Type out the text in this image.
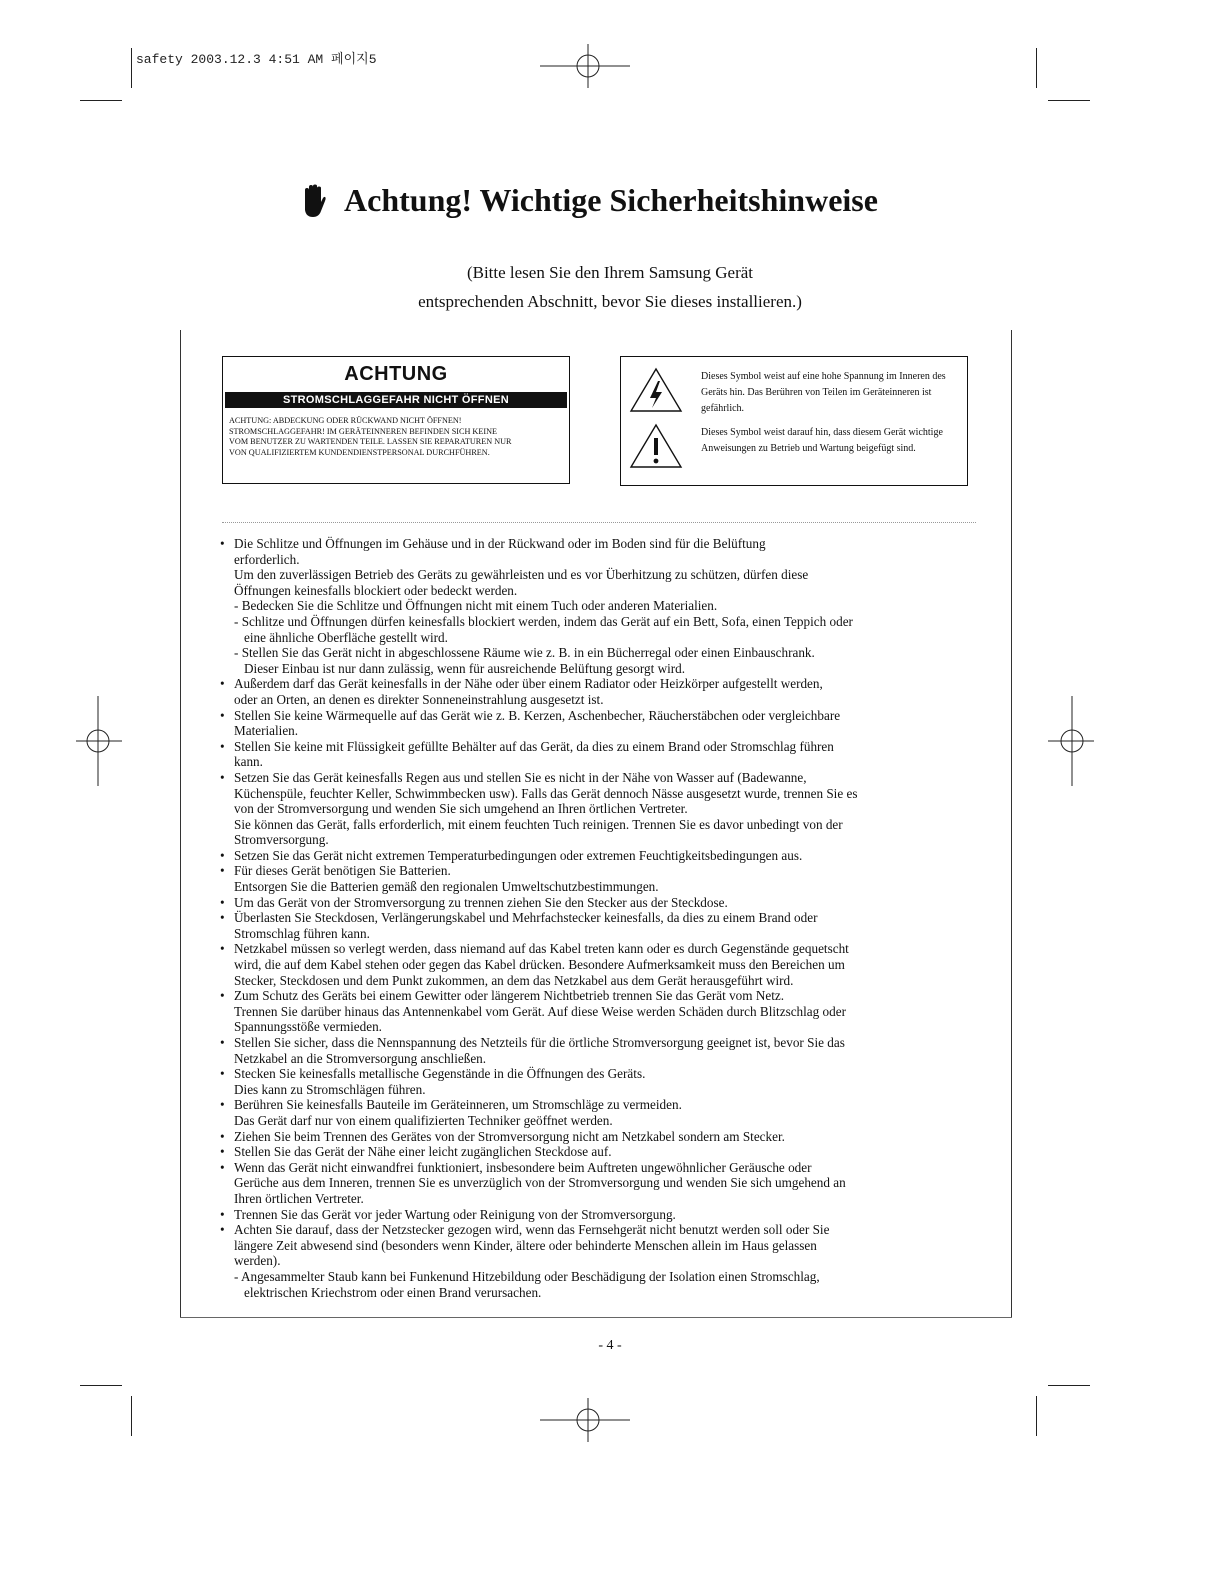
safety 2003.12.3 4:51 AM 페이지5
Achtung! Wichtige Sicherheitshinweise
(Bitte lesen Sie den Ihrem Samsung Gerät
entsprechenden Abschnitt, bevor Sie dieses installieren.)
ACHTUNG
STROMSCHLAGGEFAHR NICHT ÖFFNEN
ACHTUNG: ABDECKUNG ODER RÜCKWAND NICHT ÖFFNEN!
STROMSCHLAGGEFAHR! IM GERÄTEINNEREN BEFINDEN SICH KEINE
VOM BENUTZER ZU WARTENDEN TEILE. LASSEN SIE REPARATUREN NUR
VON QUALIFIZIERTEM KUNDENDIENSTPERSONAL DURCHFÜHREN.
Dieses Symbol weist auf eine hohe Spannung im Inneren des Geräts hin. Das Berühren von Teilen im Geräteinneren ist gefährlich.
Dieses Symbol weist darauf hin, dass diesem Gerät wichtige Anweisungen zu Betrieb und Wartung beigefügt sind.
• Die Schlitze und Öffnungen im Gehäuse und in der Rückwand oder im Boden sind für die Belüftung
erforderlich.
Um den zuverlässigen Betrieb des Geräts zu gewährleisten und es vor Überhitzung zu schützen, dürfen diese
Öffnungen keinesfalls blockiert oder bedeckt werden.
- Bedecken Sie die Schlitze und Öffnungen nicht mit einem Tuch oder anderen Materialien.
- Schlitze und Öffnungen dürfen keinesfalls blockiert werden, indem das Gerät auf ein Bett, Sofa, einen Teppich oder
eine ähnliche Oberfläche gestellt wird.
- Stellen Sie das Gerät nicht in abgeschlossene Räume wie z. B. in ein Bücherregal oder einen Einbauschrank.
Dieser Einbau ist nur dann zulässig, wenn für ausreichende Belüftung gesorgt wird.
• Außerdem darf das Gerät keinesfalls in der Nähe oder über einem Radiator oder Heizkörper aufgestellt werden,
oder an Orten, an denen es direkter Sonneneinstrahlung ausgesetzt ist.
• Stellen Sie keine Wärmequelle auf das Gerät wie z. B. Kerzen, Aschenbecher, Räucherstäbchen oder vergleichbare
Materialien.
• Stellen Sie keine mit Flüssigkeit gefüllte Behälter auf das Gerät, da dies zu einem Brand oder Stromschlag führen
kann.
• Setzen Sie das Gerät keinesfalls Regen aus und stellen Sie es nicht in der Nähe von Wasser auf (Badewanne,
Küchenspüle, feuchter Keller, Schwimmbecken usw). Falls das Gerät dennoch Nässe ausgesetzt wurde, trennen Sie es
von der Stromversorgung und wenden Sie sich umgehend an Ihren örtlichen Vertreter.
Sie können das Gerät, falls erforderlich, mit einem feuchten Tuch reinigen. Trennen Sie es davor unbedingt von der
Stromversorgung.
• Setzen Sie das Gerät nicht extremen Temperaturbedingungen oder extremen Feuchtigkeitsbedingungen aus.
• Für dieses Gerät benötigen Sie Batterien.
Entsorgen Sie die Batterien gemäß den regionalen Umweltschutzbestimmungen.
• Um das Gerät von der Stromversorgung zu trennen ziehen Sie den Stecker aus der Steckdose.
• Überlasten Sie Steckdosen, Verlängerungskabel und Mehrfachstecker keinesfalls, da dies zu einem Brand oder
Stromschlag führen kann.
• Netzkabel müssen so verlegt werden, dass niemand auf das Kabel treten kann oder es durch Gegenstände gequetscht
wird, die auf dem Kabel stehen oder gegen das Kabel drücken. Besondere Aufmerksamkeit muss den Bereichen um
Stecker, Steckdosen und dem Punkt zukommen, an dem das Netzkabel aus dem Gerät herausgeführt wird.
• Zum Schutz des Geräts bei einem Gewitter oder längerem Nichtbetrieb trennen Sie das Gerät vom Netz.
Trennen Sie darüber hinaus das Antennenkabel vom Gerät. Auf diese Weise werden Schäden durch Blitzschlag oder
Spannungsstöße vermieden.
• Stellen Sie sicher, dass die Nennspannung des Netzteils für die örtliche Stromversorgung geeignet ist, bevor Sie das
Netzkabel an die Stromversorgung anschließen.
• Stecken Sie keinesfalls metallische Gegenstände in die Öffnungen des Geräts.
Dies kann zu Stromschlägen führen.
• Berühren Sie keinesfalls Bauteile im Geräteinneren, um Stromschläge zu vermeiden.
Das Gerät darf nur von einem qualifizierten Techniker geöffnet werden.
• Ziehen Sie beim Trennen des Gerätes von der Stromversorgung nicht am Netzkabel sondern am Stecker.
• Stellen Sie das Gerät der Nähe einer leicht zugänglichen Steckdose auf.
• Wenn das Gerät nicht einwandfrei funktioniert, insbesondere beim Auftreten ungewöhnlicher Geräusche oder
Gerüche aus dem Inneren, trennen Sie es unverzüglich von der Stromversorgung und wenden Sie sich umgehend an
Ihren örtlichen Vertreter.
• Trennen Sie das Gerät vor jeder Wartung oder Reinigung von der Stromversorgung.
• Achten Sie darauf, dass der Netzstecker gezogen wird, wenn das Fernsehgerät nicht benutzt werden soll oder Sie
längere Zeit abwesend sind (besonders wenn Kinder, ältere oder behinderte Menschen allein im Haus gelassen
werden).
- Angesammelter Staub kann bei Funkenund Hitzebildung oder Beschädigung der Isolation einen Stromschlag,
elektrischen Kriechstrom oder einen Brand verursachen.
- 4 -
